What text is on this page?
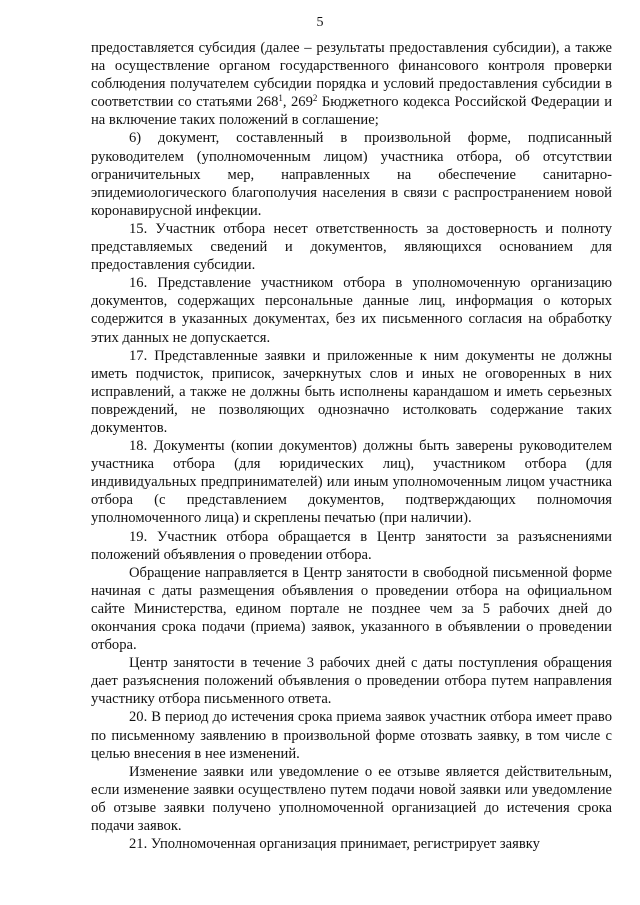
5

предоставляется субсидия (далее – результаты предоставления субсидии), а также на осуществление органом государственного финансового контроля проверки соблюдения получателем субсидии порядка и условий предоставления субсидии в соответствии со статьями $268^1$, $269^2$ Бюджетного кодекса Российской Федерации и на включение таких положений в соглашение;

6) документ, составленный в произвольной форме, подписанный руководителем (уполномоченным лицом) участника отбора, об отсутствии ограничительных мер, направленных на обеспечение санитарно-эпидемиологического благополучия населения в связи с распространением новой коронавирусной инфекции.

15. Участник отбора несет ответственность за достоверность и полноту представляемых сведений и документов, являющихся основанием для предоставления субсидии.

16. Представление участником отбора в уполномоченную организацию документов, содержащих персональные данные лиц, информация о которых содержится в указанных документах, без их письменного согласия на обработку этих данных не допускается.

17. Представленные заявки и приложенные к ним документы не должны иметь подчисток, приписок, зачеркнутых слов и иных не оговоренных в них исправлений, а также не должны быть исполнены карандашом и иметь серьезных повреждений, не позволяющих однозначно истолковать содержание таких документов.

18. Документы (копии документов) должны быть заверены руководителем участника отбора (для юридических лиц), участником отбора (для индивидуальных предпринимателей) или иным уполномоченным лицом участника отбора (с представлением документов, подтверждающих полномочия уполномоченного лица) и скреплены печатью (при наличии).

19. Участник отбора обращается в Центр занятости за разъяснениями положений объявления о проведении отбора.

Обращение направляется в Центр занятости в свободной письменной форме начиная с даты размещения объявления о проведении отбора на официальном сайте Министерства, едином портале не позднее чем за 5 рабочих дней до окончания срока подачи (приема) заявок, указанного в объявлении о проведении отбора.

Центр занятости в течение 3 рабочих дней с даты поступления обращения дает разъяснения положений объявления о проведении отбора путем направления участнику отбора письменного ответа.

20. В период до истечения срока приема заявок участник отбора имеет право по письменному заявлению в произвольной форме отозвать заявку, в том числе с целью внесения в нее изменений.

Изменение заявки или уведомление о ее отзыве является действительным, если изменение заявки осуществлено путем подачи новой заявки или уведомление об отзыве заявки получено уполномоченной организацией до истечения срока подачи заявок.

21. Уполномоченная организация принимает, регистрирует заявку
